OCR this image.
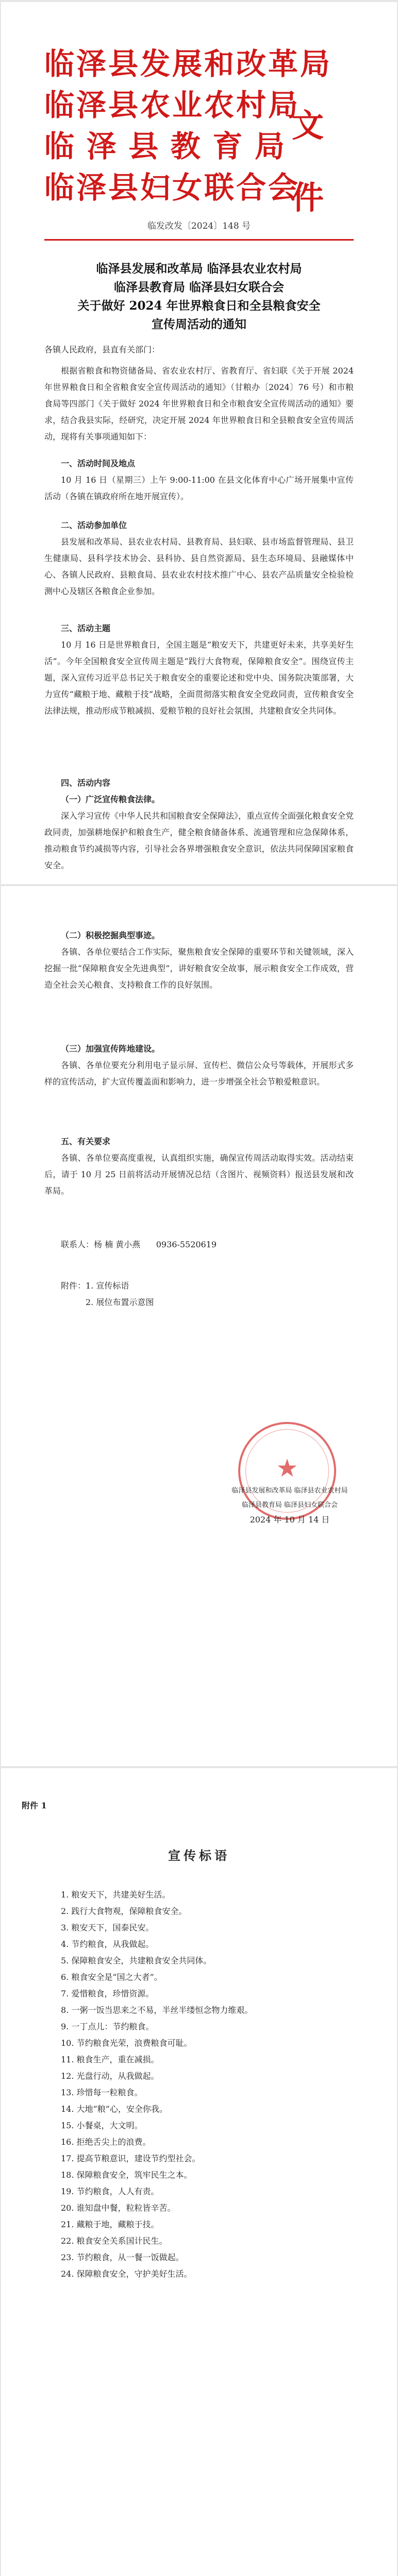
临泽县发展和改革局
临泽县农业农村局
临泽县教育局
临泽县妇女联合会
文件
临发改发〔2024〕148 号
临泽县发展和改革局 临泽县农业农村局
临泽县教育局 临泽县妇女联合会
关于做好 2024 年世界粮食日和全县粮食安全
宣传周活动的通知
各镇人民政府，县直有关部门：

根据省粮食和物资储备局、省农业农村厅、省教育厅、省妇联《关于开展 2024 年世界粮食日和全省粮食安全宣传周活动的通知》（甘粮办〔2024〕76 号）和市粮食局等四部门《关于做好 2024 年世界粮食日和全市粮食安全宣传周活动的通知》要求，结合我县实际，经研究，决定开展 2024 年世界粮食日和全县粮食安全宣传周活动，现将有关事项通知如下：

一、活动时间及地点

10 月 16 日（星期三）上午 9:00-11:00 在县文化体育中心广场开展集中宣传活动（各镇在镇政府所在地开展宣传）。

二、活动参加单位

县发展和改革局、县农业农村局、县教育局、县妇联、县市场监督管理局、县卫生健康局、县科学技术协会、县科协、县自然资源局、县生态环境局、县融媒体中心、各镇人民政府、县粮食局、县农业农村技术推广中心、县农产品质量安全检验检测中心及辖区各粮食企业参加。

三、活动主题

10 月 16 日是世界粮食日，全国主题是“粮安天下，共建更好未来，共享美好生活”。今年全国粮食安全宣传周主题是“践行大食物观，保障粮食安全”。围绕宣传主题，深入宣传习近平总书记关于粮食安全的重要论述和党中央、国务院决策部署，大力宣传“藏粮于地、藏粮于技”战略，全面贯彻落实粮食安全党政同责，宣传粮食安全法律法规，推动形成节粮减损、爱粮节粮的良好社会氛围，共建粮食安全共同体。

四、活动内容

（一）广泛宣传粮食法律。

深入学习宣传《中华人民共和国粮食安全保障法》，重点宣传全面强化粮食安全党政同责，加强耕地保护和粮食生产，健全粮食储备体系、流通管理和应急保障体系，推动粮食节约减损等内容，引导社会各界增强粮食安全意识，依法共同保障国家粮食安全。

（二）积极挖掘典型事迹。

各镇、各单位要结合工作实际，聚焦粮食安全保障的重要环节和关键领域，深入挖掘一批“保障粮食安全先进典型”，讲好粮食安全故事，展示粮食安全工作成效，营造全社会关心粮食、支持粮食工作的良好氛围。

（三）加强宣传阵地建设。

各镇、各单位要充分利用电子显示屏、宣传栏、微信公众号等载体，开展形式多样的宣传活动，扩大宣传覆盖面和影响力，进一步增强全社会节粮爱粮意识。

五、有关要求

各镇、各单位要高度重视，认真组织实施，确保宣传周活动取得实效。活动结束后，请于 10 月 25 日前将活动开展情况总结（含图片、视频资料）报送县发展和改革局。

联系人：杨 楠 黄小燕 0936-5520619

附件：1. 宣传标语
2. 展位布置示意图
★
临泽县发展和改革局 临泽县农业农村局
临泽县教育局 临泽县妇女联合会
2024 年 10 月 14 日
附件 1
宣传标语

1. 粮安天下，共建美好生活。

2. 践行大食物观，保障粮食安全。

3. 粮安天下，国泰民安。

4. 节约粮食，从我做起。

5. 保障粮食安全，共建粮食安全共同体。

6. 粮食安全是“国之大者”。

7. 爱惜粮食，珍惜资源。

8. 一粥一饭当思来之不易，半丝半缕恒念物力维艰。

9. 一丁点儿：节约粮食。

10. 节约粮食光荣，浪费粮食可耻。

11. 粮食生产，重在减损。

12. 光盘行动，从我做起。

13. 珍惜每一粒粮食。

14. 大地“粮”心，安全你我。

15. 小餐桌，大文明。

16. 拒绝舌尖上的浪费。

17. 提高节粮意识，建设节约型社会。

18. 保障粮食安全，筑牢民生之本。

19. 节约粮食，人人有责。

20. 谁知盘中餐，粒粒皆辛苦。

21. 藏粮于地，藏粮于技。

22. 粮食安全关系国计民生。

23. 节约粮食，从一餐一饭做起。

24. 保障粮食安全，守护美好生活。
